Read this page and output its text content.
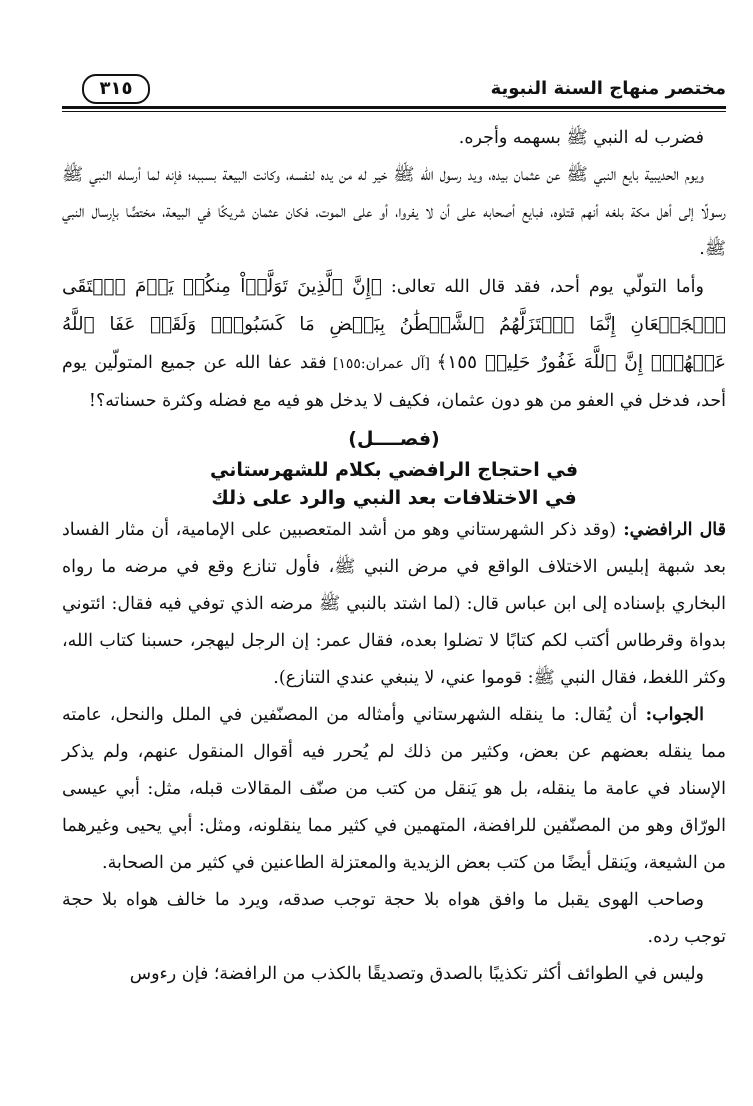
مختصر منهاج السنة النبوية
٣١٥

فضرب له النبي ﷺ بسهمه وأجره.

ويوم الحديبية بايع النبي ﷺ عن عثمان بيده، ويد رسول الله ﷺ خير له من يده لنفسه، وكانت البيعة بسببه؛ فإنه لما أرسله النبي ﷺ رسولًا إلى أهل مكة بلغه أنهم قتلوه، فبايع أصحابه على أن لا يفروا، أو على الموت، فكان عثمان شريكًا في البيعة، مختصًّا بإرسال النبي ﷺ.

وأما التولّي يوم أحد، فقد قال الله تعالى: ﴿إِنَّ ٱلَّذِينَ تَوَلَّوۡاْ مِنكُمۡ يَوۡمَ ٱلۡتَقَى ٱلۡجَمۡعَانِ إِنَّمَا ٱسۡتَزَلَّهُمُ ٱلشَّيۡطَٰنُ بِبَعۡضِ مَا كَسَبُواْۖ وَلَقَدۡ عَفَا ٱللَّهُ عَنۡهُمۡۗ إِنَّ ٱللَّهَ غَفُورٌ حَلِيمٞ ١٥٥﴾ [آل عمران:١٥٥] فقد عفا الله عن جميع المتولّين يوم أحد، فدخل في العفو من هو دون عثمان، فكيف لا يدخل هو فيه مع فضله وكثرة حسناته؟!

(فصــــل)
في احتجاج الرافضي بكلام للشهرستاني
في الاختلافات بعد النبي والرد على ذلك

قال الرافضي: (وقد ذكر الشهرستاني وهو من أشد المتعصبين على الإمامية، أن مثار الفساد بعد شبهة إبليس الاختلاف الواقع في مرض النبي ﷺ، فأول تنازع وقع في مرضه ما رواه البخاري بإسناده إلى ابن عباس قال: (لما اشتد بالنبي ﷺ مرضه الذي توفي فيه فقال: ائتوني بدواة وقرطاس أكتب لكم كتابًا لا تضلوا بعده، فقال عمر: إن الرجل ليهجر، حسبنا كتاب الله، وكثر اللغط، فقال النبي ﷺ: قوموا عني، لا ينبغي عندي التنازع).

الجواب: أن يُقال: ما ينقله الشهرستاني وأمثاله من المصنّفين في الملل والنحل، عامته مما ينقله بعضهم عن بعض، وكثير من ذلك لم يُحرر فيه أقوال المنقول عنهم، ولم يذكر الإسناد في عامة ما ينقله، بل هو يَنقل من كتب من صنّف المقالات قبله، مثل: أبي عيسى الورّاق وهو من المصنّفين للرافضة، المتهمين في كثير مما ينقلونه، ومثل: أبي يحيى وغيرهما من الشيعة، ويَنقل أيضًا من كتب بعض الزيدية والمعتزلة الطاعنين في كثير من الصحابة.

وصاحب الهوى يقبل ما وافق هواه بلا حجة توجب صدقه، ويرد ما خالف هواه بلا حجة توجب رده.

وليس في الطوائف أكثر تكذيبًا بالصدق وتصديقًا بالكذب من الرافضة؛ فإن رءوس
